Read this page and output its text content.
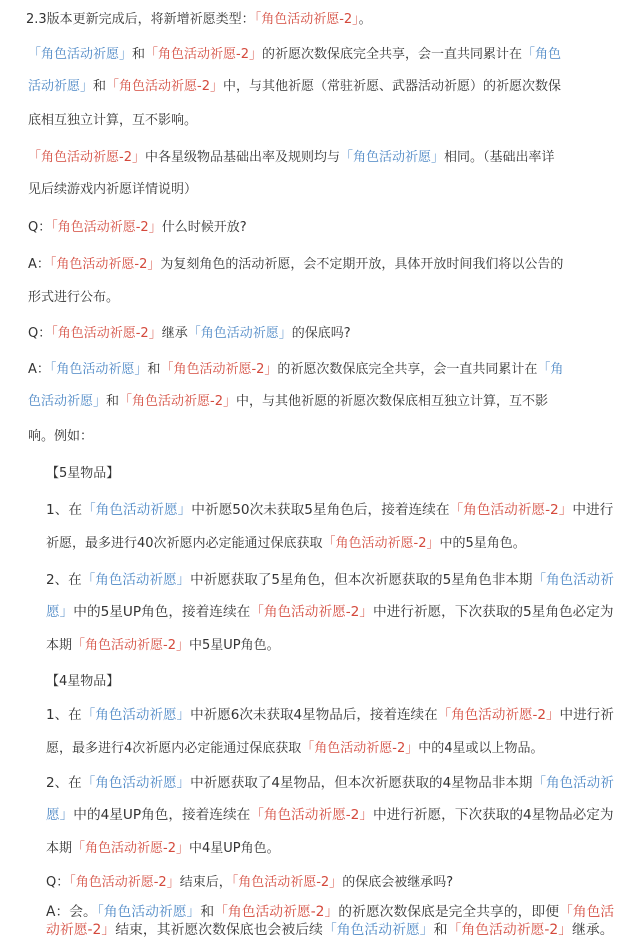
2.3版本更新完成后，将新增祈愿类型：「角色活动祈愿-2」。
「角色活动祈愿」和「角色活动祈愿-2」的祈愿次数保底完全共享，会一直共同累计在「角色
活动祈愿」和「角色活动祈愿-2」中，与其他祈愿（常驻祈愿、武器活动祈愿）的祈愿次数保
底相互独立计算，互不影响。
「角色活动祈愿-2」中各星级物品基础出率及规则均与「角色活动祈愿」相同。（基础出率详
见后续游戏内祈愿详情说明）
Q：「角色活动祈愿-2」什么时候开放?
A：「角色活动祈愿-2」为复刻角色的活动祈愿，会不定期开放，具体开放时间我们将以公告的
形式进行公布。
Q：「角色活动祈愿-2」继承「角色活动祈愿」的保底吗?
A：「角色活动祈愿」和「角色活动祈愿-2」的祈愿次数保底完全共享，会一直共同累计在「角
色活动祈愿」和「角色活动祈愿-2」中，与其他祈愿的祈愿次数保底相互独立计算，互不影
响。例如：
【5星物品】
1、在「角色活动祈愿」中祈愿50次未获取5星角色后，接着连续在「角色活动祈愿-2」中进行
祈愿，最多进行40次祈愿内必定能通过保底获取「角色活动祈愿-2」中的5星角色。
2、在「角色活动祈愿」中祈愿获取了5星角色，但本次祈愿获取的5星角色非本期「角色活动祈
愿」中的5星UP角色，接着连续在「角色活动祈愿-2」中进行祈愿，下次获取的5星角色必定为
本期「角色活动祈愿-2」中5星UP角色。
【4星物品】
1、在「角色活动祈愿」中祈愿6次未获取4星物品后，接着连续在「角色活动祈愿-2」中进行祈
愿，最多进行4次祈愿内必定能通过保底获取「角色活动祈愿-2」中的4星或以上物品。
2、在「角色活动祈愿」中祈愿获取了4星物品，但本次祈愿获取的4星物品非本期「角色活动祈
愿」中的4星UP角色，接着连续在「角色活动祈愿-2」中进行祈愿，下次获取的4星物品必定为
本期「角色活动祈愿-2」中4星UP角色。
Q：「角色活动祈愿-2」结束后，「角色活动祈愿-2」的保底会被继承吗?
A：会。「角色活动祈愿」和「角色活动祈愿-2」的祈愿次数保底是完全共享的，即便「角色活
动祈愿-2」结束，其祈愿次数保底也会被后续「角色活动祈愿」和「角色活动祈愿-2」继承。
